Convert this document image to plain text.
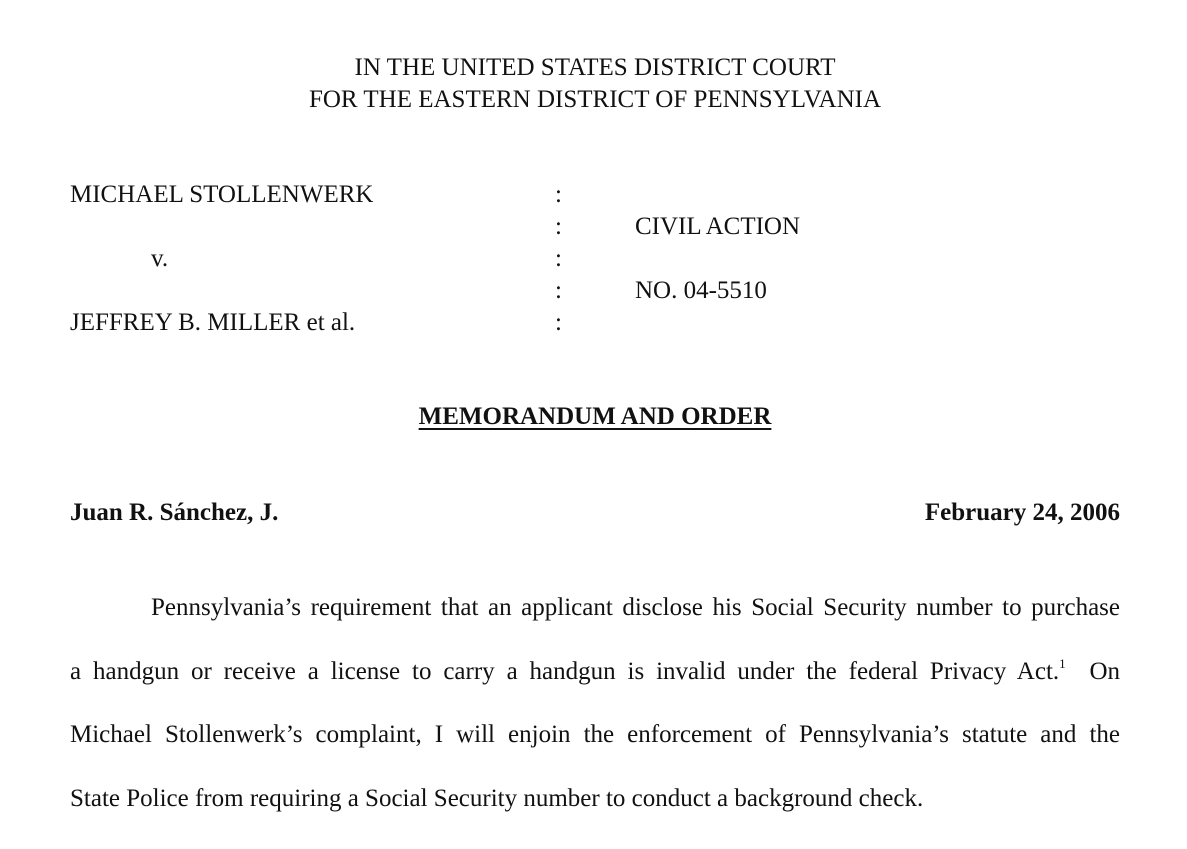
IN THE UNITED STATES DISTRICT COURT
FOR THE EASTERN DISTRICT OF PENNSYLVANIA
MICHAEL STOLLENWERK
v.
JEFFREY B. MILLER et al.
:
:
:
:
:
CIVIL ACTION
NO. 04-5510
MEMORANDUM AND ORDER
Juan R. Sánchez, J.	February 24, 2006
Pennsylvania’s requirement that an applicant disclose his Social Security number to purchase
a handgun or receive a license to carry a handgun is invalid under the federal Privacy Act.$^1$ On
Michael Stollenwerk’s complaint, I will enjoin the enforcement of Pennsylvania’s statute and the
State Police from requiring a Social Security number to conduct a background check.
